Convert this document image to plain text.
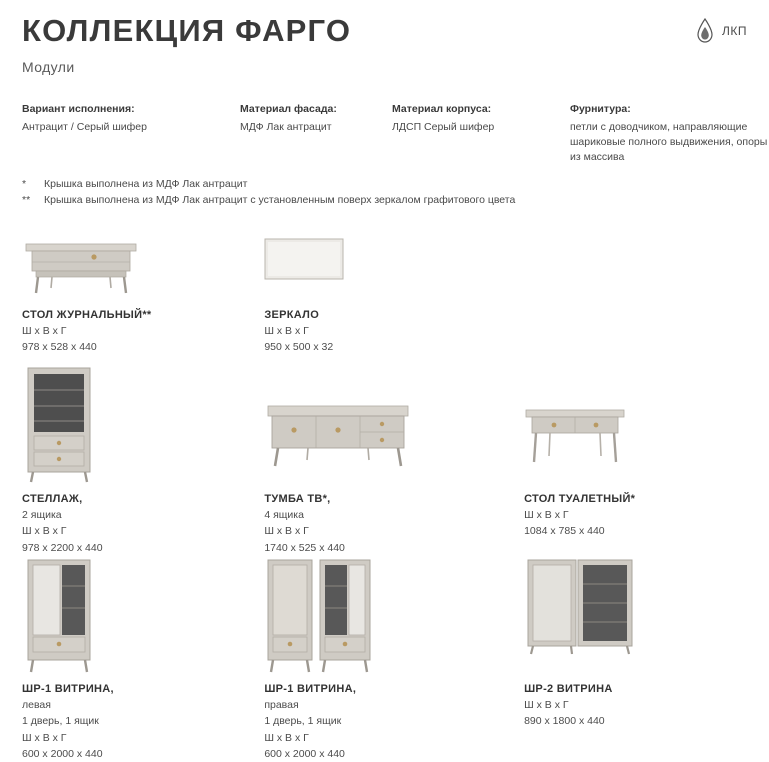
КОЛЛЕКЦИЯ ФАРГО
Модули
ЛКП
Вариант исполнения:
Антрацит / Серый шифер
Материал фасада:
МДФ Лак антрацит
Материал корпуса:
ЛДСП Серый шифер
Фурнитура:
петли с доводчиком, направляющие шариковые полного выдвижения, опоры из массива
*	Крышка выполнена из МДФ Лак антрацит
**	Крышка выполнена из МДФ Лак антрацит с установленным поверх зеркалом графитового цвета
СТОЛ ЖУРНАЛЬНЫЙ**
Ш х В х Г
978 х 528 х 440
ЗЕРКАЛО
Ш х В х Г
950 х 500 х 32
СТЕЛЛАЖ,
2 ящика
Ш х В х Г
978 х 2200 х 440
ТУМБА ТВ*,
4 ящика
Ш х В х Г
1740 х 525 х 440
СТОЛ ТУАЛЕТНЫЙ*
Ш х В х Г
1084 х 785 х 440
ШР-1 ВИТРИНА,
левая
1 дверь, 1 ящик
Ш х В х Г
600 х 2000 х 440
ШР-1 ВИТРИНА,
правая
1 дверь, 1 ящик
Ш х В х Г
600 х 2000 х 440
ШР-2 ВИТРИНА
Ш х В х Г
890 х 1800 х 440
